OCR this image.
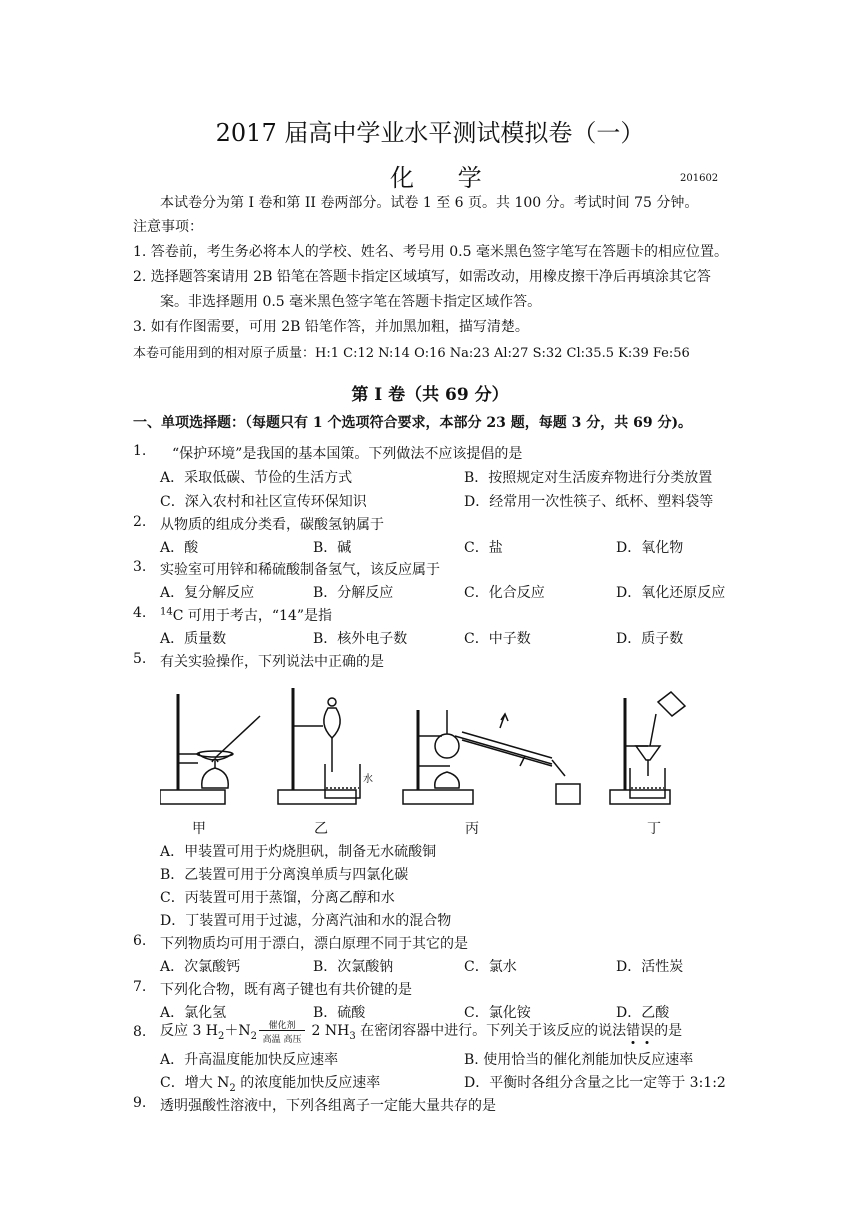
2017 届高中学业水平测试模拟卷（一）
化 学	201602
本试卷分为第 I 卷和第 II 卷两部分。试卷 1 至 6 页。共 100 分。考试时间 75 分钟。
注意事项：
1. 答卷前，考生务必将本人的学校、姓名、考号用 0.5 毫米黑色签字笔写在答题卡的相应位置。
2. 选择题答案请用 2B 铅笔在答题卡指定区域填写，如需改动，用橡皮擦干净后再填涂其它答
案。非选择题用 0.5 毫米黑色签字笔在答题卡指定区域作答。
3. 如有作图需要，可用 2B 铅笔作答，并加黑加粗，描写清楚。
本卷可能用到的相对原子质量：H:1 C:12 N:14 O:16 Na:23 Al:27 S:32 Cl:35.5 K:39 Fe:56
第 Ⅰ 卷（共 69 分）
一、单项选择题：（每题只有 1 个选项符合要求，本部分 23 题，每题 3 分，共 69 分)。
1. “保护环境”是我国的基本国策。下列做法不应该提倡的是
A．采取低碳、节俭的生活方式	B．按照规定对生活废弃物进行分类放置
C．深入农村和社区宣传环保知识	D．经常用一次性筷子、纸杯、塑料袋等
2. 从物质的组成分类看，碳酸氢钠属于
A．酸	B．碱	C．盐	D．氧化物
3. 实验室可用锌和稀硫酸制备氢气，该反应属于
A．复分解反应	B．分解反应	C．化合反应	D．氧化还原反应
4. $^{14}$C 可用于考古，“14”是指
A．质量数	B．核外电子数	C．中子数	D．质子数
5. 有关实验操作，下列说法中正确的是
水
甲	乙	丙	丁
A．甲装置可用于灼烧胆矾，制备无水硫酸铜
B．乙装置可用于分离溴单质与四氯化碳
C．丙装置可用于蒸馏，分离乙醇和水
D．丁装置可用于过滤，分离汽油和水的混合物
6. 下列物质均可用于漂白，漂白原理不同于其它的是
A．次氯酸钙	B．次氯酸钠	C．氯水	D．活性炭
7. 下列化合物，既有离子键也有共价键的是
A．氯化氢	B．硫酸	C．氯化铵	D．乙酸
8. 反应 3 $H_2+N_2$
催化剂
高温 高压
2 $NH_3$ 在密闭容器中进行。下列关于该反应的说法错误的是
A．升高温度能加快反应速率	B. 使用恰当的催化剂能加快反应速率
C．增大 $N_2$ 的浓度能加快反应速率	D．平衡时各组分含量之比一定等于 3:1:2
9. 透明强酸性溶液中，下列各组离子一定能大量共存的是
